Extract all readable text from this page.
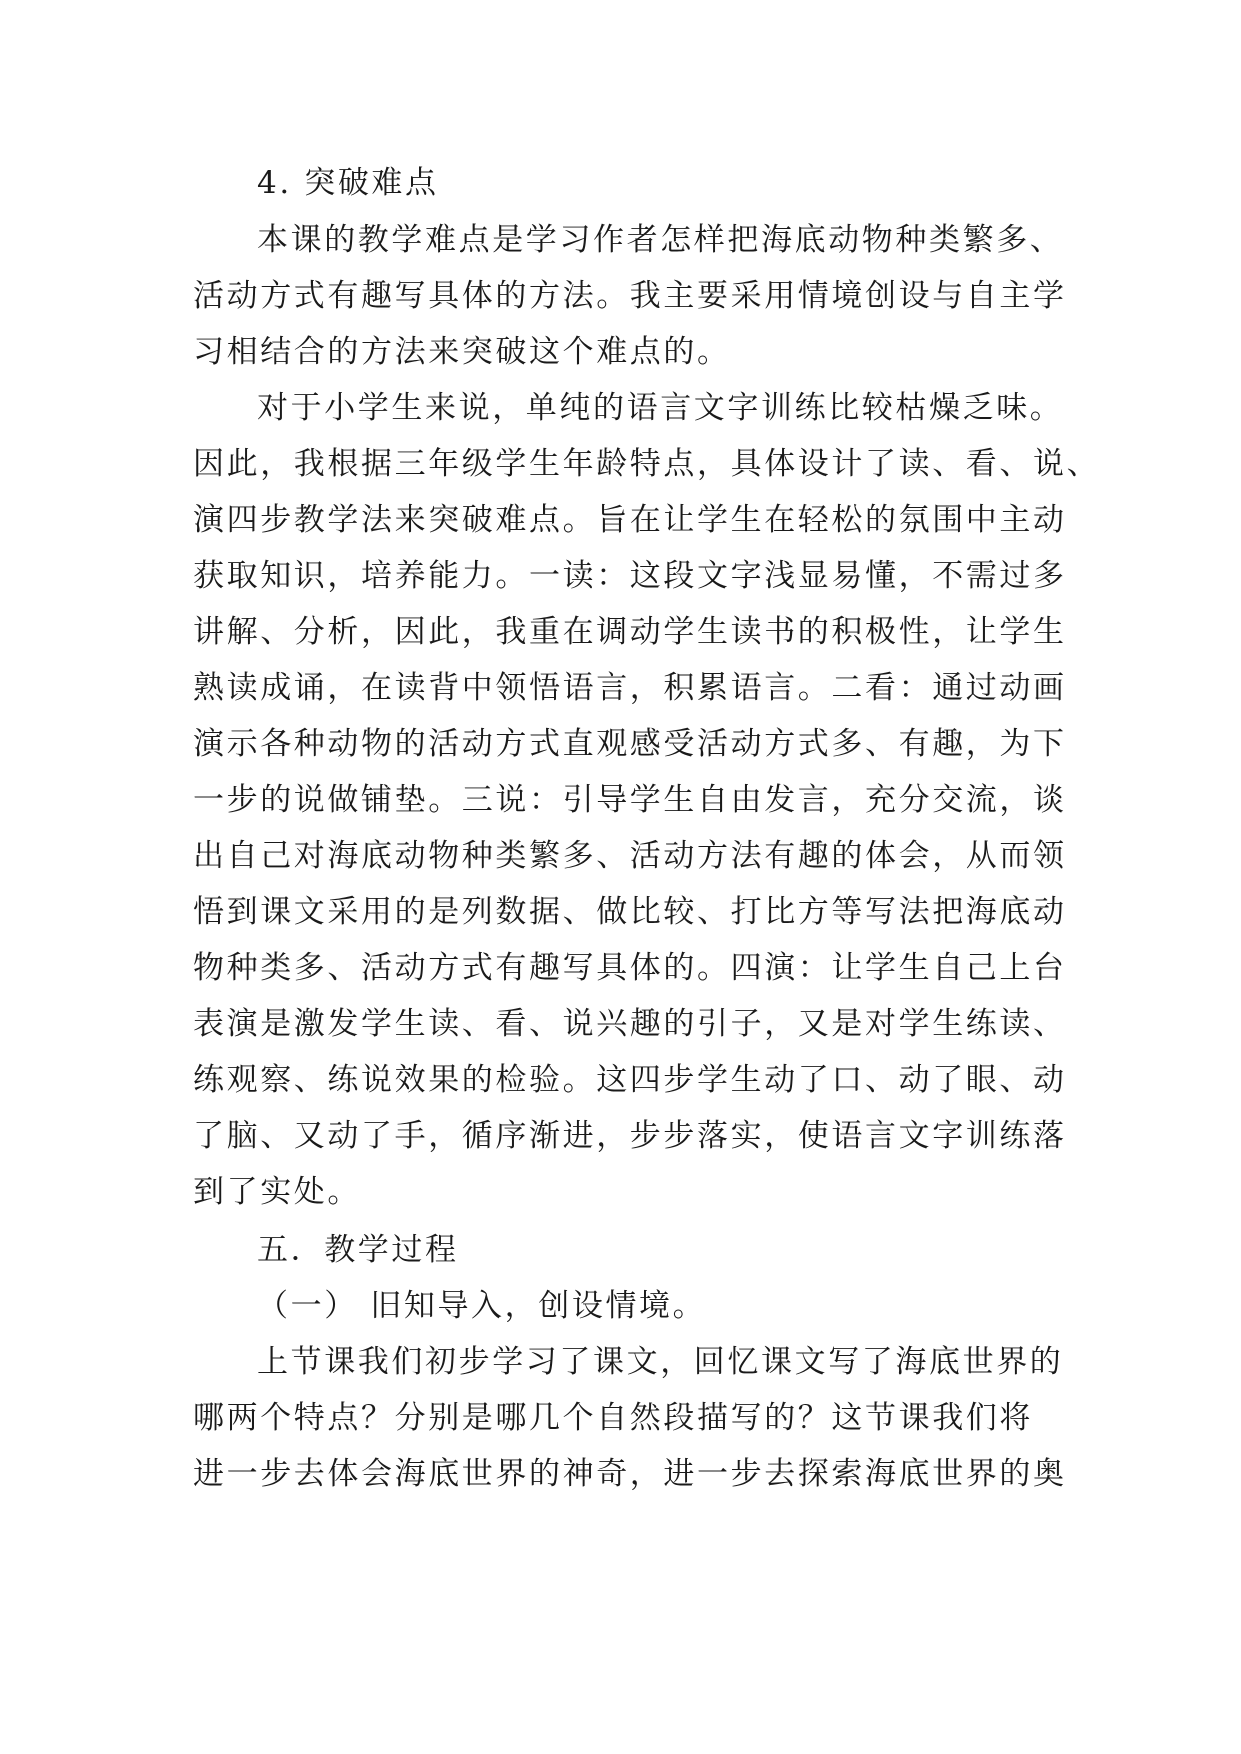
4. 突破难点
本课的教学难点是学习作者怎样把海底动物种类繁多、
活动方式有趣写具体的方法。我主要采用情境创设与自主学
习相结合的方法来突破这个难点的。
对于小学生来说，单纯的语言文字训练比较枯燥乏味。
因此，我根据三年级学生年龄特点，具体设计了读、看、说、
演四步教学法来突破难点。旨在让学生在轻松的氛围中主动
获取知识，培养能力。一读：这段文字浅显易懂，不需过多
讲解、分析，因此，我重在调动学生读书的积极性，让学生
熟读成诵，在读背中领悟语言，积累语言。二看：通过动画
演示各种动物的活动方式直观感受活动方式多、有趣，为下
一步的说做铺垫。三说：引导学生自由发言，充分交流，谈
出自己对海底动物种类繁多、活动方法有趣的体会，从而领
悟到课文采用的是列数据、做比较、打比方等写法把海底动
物种类多、活动方式有趣写具体的。四演：让学生自己上台
表演是激发学生读、看、说兴趣的引子，又是对学生练读、
练观察、练说效果的检验。这四步学生动了口、动了眼、动
了脑、又动了手，循序渐进，步步落实，使语言文字训练落
到了实处。
五．教学过程
（一） 旧知导入，创设情境。
上节课我们初步学习了课文，回忆课文写了海底世界的
哪两个特点？分别是哪几个自然段描写的？这节课我们将
进一步去体会海底世界的神奇，进一步去探索海底世界的奥
